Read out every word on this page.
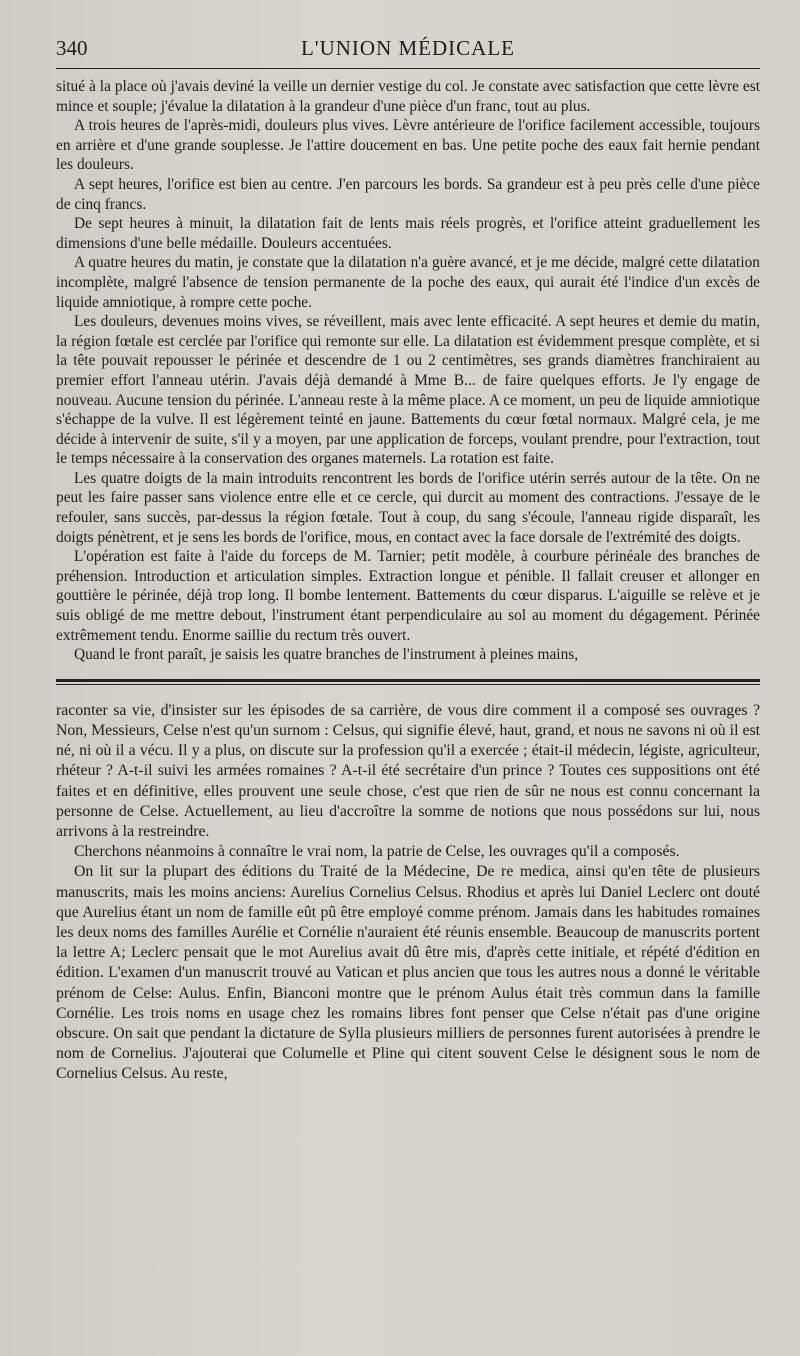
340	L'UNION MÉDICALE

situé à la place où j'avais deviné la veille un dernier vestige du col. Je constate avec satisfaction que cette lèvre est mince et souple; j'évalue la dilatation à la grandeur d'une pièce d'un franc, tout au plus.

A trois heures de l'après-midi, douleurs plus vives. Lèvre antérieure de l'orifice facilement accessible, toujours en arrière et d'une grande souplesse. Je l'attire doucement en bas. Une petite poche des eaux fait hernie pendant les douleurs.

A sept heures, l'orifice est bien au centre. J'en parcours les bords. Sa grandeur est à peu près celle d'une pièce de cinq francs.

De sept heures à minuit, la dilatation fait de lents mais réels progrès, et l'orifice atteint graduellement les dimensions d'une belle médaille. Douleurs accentuées.

A quatre heures du matin, je constate que la dilatation n'a guère avancé, et je me décide, malgré cette dilatation incomplète, malgré l'absence de tension permanente de la poche des eaux, qui aurait été l'indice d'un excès de liquide amniotique, à rompre cette poche.

Les douleurs, devenues moins vives, se réveillent, mais avec lente efficacité. A sept heures et demie du matin, la région fœtale est cerclée par l'orifice qui remonte sur elle. La dilatation est évidemment presque complète, et si la tête pouvait repousser le périnée et descendre de 1 ou 2 centimètres, ses grands diamètres franchiraient au premier effort l'anneau utérin. J'avais déjà demandé à Mme B... de faire quelques efforts. Je l'y engage de nouveau. Aucune tension du périnée. L'anneau reste à la même place. A ce moment, un peu de liquide amniotique s'échappe de la vulve. Il est légèrement teinté en jaune. Battements du cœur fœtal normaux. Malgré cela, je me décide à intervenir de suite, s'il y a moyen, par une application de forceps, voulant prendre, pour l'extraction, tout le temps nécessaire à la conservation des organes maternels. La rotation est faite.

Les quatre doigts de la main introduits rencontrent les bords de l'orifice utérin serrés autour de la tête. On ne peut les faire passer sans violence entre elle et ce cercle, qui durcit au moment des contractions. J'essaye de le refouler, sans succès, par-dessus la région fœtale. Tout à coup, du sang s'écoule, l'anneau rigide disparaît, les doigts pénètrent, et je sens les bords de l'orifice, mous, en contact avec la face dorsale de l'extrémité des doigts.

L'opération est faite à l'aide du forceps de M. Tarnier; petit modèle, à courbure périnéale des branches de préhension. Introduction et articulation simples. Extraction longue et pénible. Il fallait creuser et allonger en gouttière le périnée, déjà trop long. Il bombe lentement. Battements du cœur disparus. L'aiguille se relève et je suis obligé de me mettre debout, l'instrument étant perpendiculaire au sol au moment du dégagement. Périnée extrêmement tendu. Enorme saillie du rectum très ouvert.

Quand le front paraît, je saisis les quatre branches de l'instrument à pleines mains,

raconter sa vie, d'insister sur les épisodes de sa carrière, de vous dire comment il a composé ses ouvrages ? Non, Messieurs, Celse n'est qu'un surnom : Celsus, qui signifie élevé, haut, grand, et nous ne savons ni où il est né, ni où il a vécu. Il y a plus, on discute sur la profession qu'il a exercée ; était-il médecin, légiste, agriculteur, rhéteur ? A-t-il suivi les armées romaines ? A-t-il été secrétaire d'un prince ? Toutes ces suppositions ont été faites et en définitive, elles prouvent une seule chose, c'est que rien de sûr ne nous est connu concernant la personne de Celse. Actuellement, au lieu d'accroître la somme de notions que nous possédons sur lui, nous arrivons à la restreindre.

Cherchons néanmoins à connaître le vrai nom, la patrie de Celse, les ouvrages qu'il a composés.

On lit sur la plupart des éditions du Traité de la Médecine, De re medica, ainsi qu'en tête de plusieurs manuscrits, mais les moins anciens: Aurelius Cornelius Celsus. Rhodius et après lui Daniel Leclerc ont douté que Aurelius étant un nom de famille eût pû être employé comme prénom. Jamais dans les habitudes romaines les deux noms des familles Aurélie et Cornélie n'auraient été réunis ensemble. Beaucoup de manuscrits portent la lettre A; Leclerc pensait que le mot Aurelius avait dû être mis, d'après cette initiale, et répété d'édition en édition. L'examen d'un manuscrit trouvé au Vatican et plus ancien que tous les autres nous a donné le véritable prénom de Celse: Aulus. Enfin, Bianconi montre que le prénom Aulus était très commun dans la famille Cornélie. Les trois noms en usage chez les romains libres font penser que Celse n'était pas d'une origine obscure. On sait que pendant la dictature de Sylla plusieurs milliers de personnes furent autorisées à prendre le nom de Cornelius. J'ajouterai que Columelle et Pline qui citent souvent Celse le désignent sous le nom de Cornelius Celsus. Au reste,
